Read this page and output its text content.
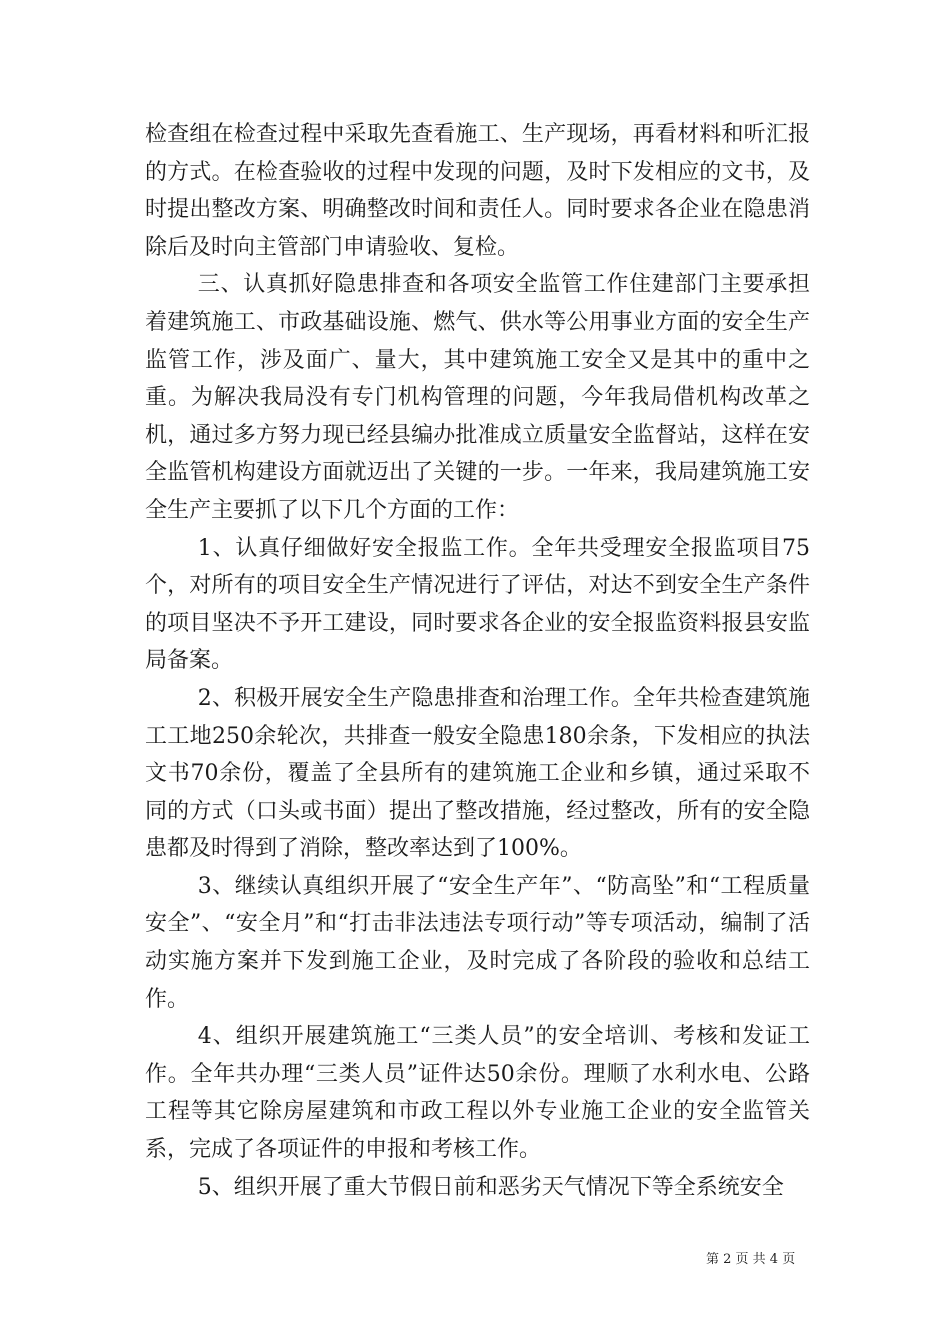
检查组在检查过程中采取先查看施工、生产现场，再看材料和听汇报的方式。在检查验收的过程中发现的问题，及时下发相应的文书，及时提出整改方案、明确整改时间和责任人。同时要求各企业在隐患消除后及时向主管部门申请验收、复检。

三、认真抓好隐患排查和各项安全监管工作住建部门主要承担着建筑施工、市政基础设施、燃气、供水等公用事业方面的安全生产监管工作，涉及面广、量大，其中建筑施工安全又是其中的重中之重。为解决我局没有专门机构管理的问题，今年我局借机构改革之机，通过多方努力现已经县编办批准成立质量安全监督站，这样在安全监管机构建设方面就迈出了关键的一步。一年来，我局建筑施工安全生产主要抓了以下几个方面的工作：

1、认真仔细做好安全报监工作。全年共受理安全报监项目75个，对所有的项目安全生产情况进行了评估，对达不到安全生产条件的项目坚决不予开工建设，同时要求各企业的安全报监资料报县安监局备案。

2、积极开展安全生产隐患排查和治理工作。全年共检查建筑施工工地250余轮次，共排查一般安全隐患180余条，下发相应的执法文书70余份，覆盖了全县所有的建筑施工企业和乡镇，通过采取不同的方式（口头或书面）提出了整改措施，经过整改，所有的安全隐患都及时得到了消除，整改率达到了100%。

3、继续认真组织开展了“安全生产年”、“防高坠”和“工程质量安全”、“安全月”和“打击非法违法专项行动”等专项活动，编制了活动实施方案并下发到施工企业，及时完成了各阶段的验收和总结工作。

4、组织开展建筑施工“三类人员”的安全培训、考核和发证工作。全年共办理“三类人员”证件达50余份。理顺了水利水电、公路工程等其它除房屋建筑和市政工程以外专业施工企业的安全监管关系，完成了各项证件的申报和考核工作。

5、组织开展了重大节假日前和恶劣天气情况下等全系统安全

第 2 页 共 4 页
